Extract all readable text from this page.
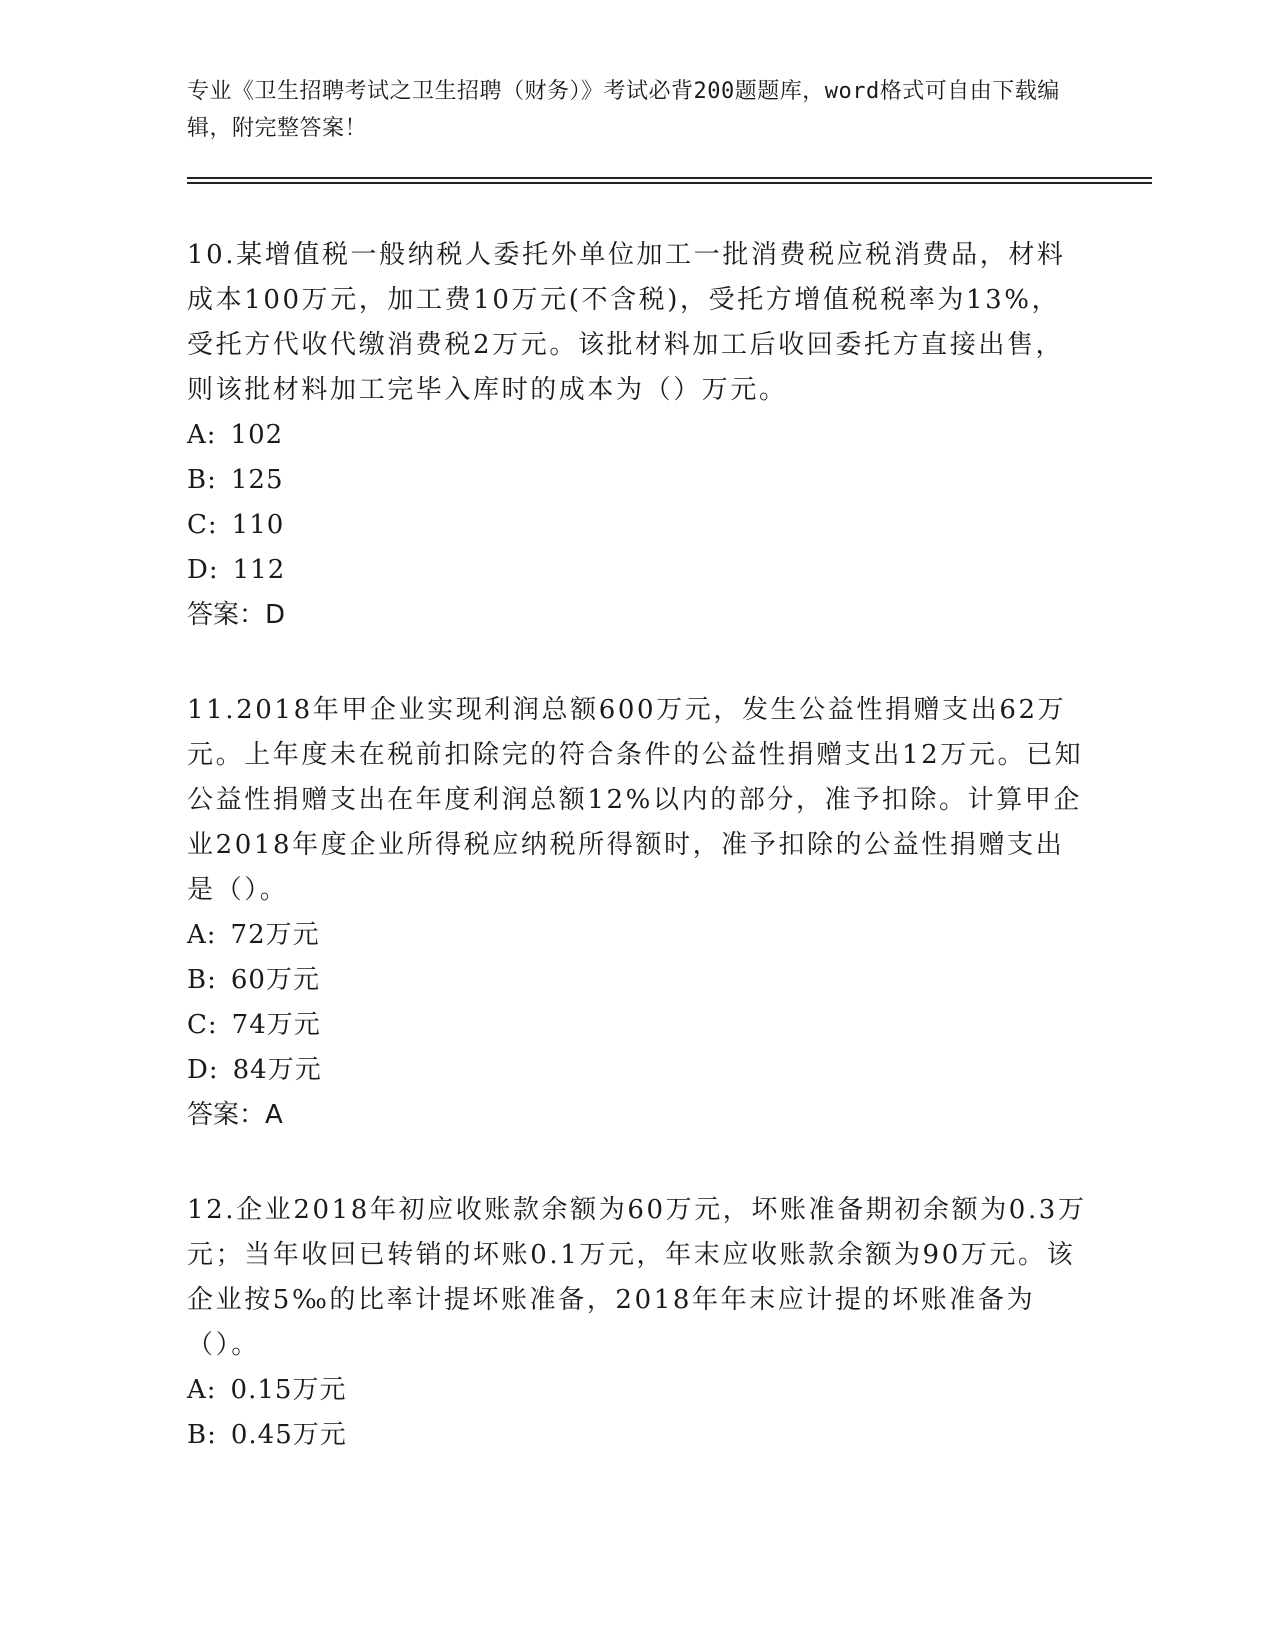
专业《卫生招聘考试之卫生招聘（财务）》考试必背200题题库，word格式可自由下载编辑，附完整答案！

10.某增值税一般纳税人委托外单位加工一批消费税应税消费品，材料成本100万元，加工费10万元(不含税)，受托方增值税税率为13%，受托方代收代缴消费税2万元。该批材料加工后收回委托方直接出售，则该批材料加工完毕入库时的成本为（）万元。

A: 102
B: 125
C: 110
D: 112
答案：D

11.2018年甲企业实现利润总额600万元，发生公益性捐赠支出62万元。上年度未在税前扣除完的符合条件的公益性捐赠支出12万元。已知公益性捐赠支出在年度利润总额12%以内的部分，准予扣除。计算甲企业2018年度企业所得税应纳税所得额时，准予扣除的公益性捐赠支出是（）。

A: 72万元
B: 60万元
C: 74万元
D: 84万元
答案：A

12.企业2018年初应收账款余额为60万元，坏账准备期初余额为0.3万元；当年收回已转销的坏账0.1万元，年末应收账款余额为90万元。该企业按5‰的比率计提坏账准备，2018年年末应计提的坏账准备为（）。

A: 0.15万元
B: 0.45万元
